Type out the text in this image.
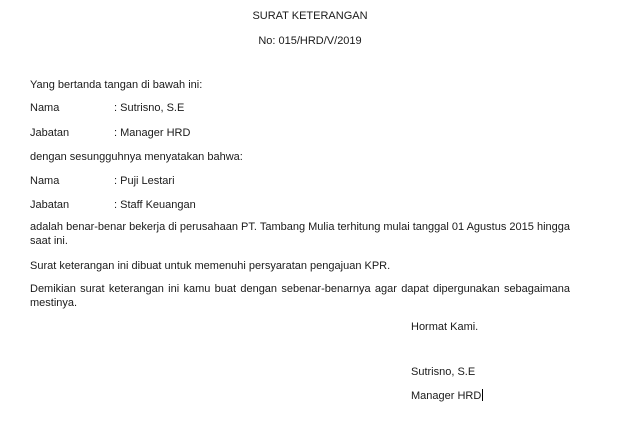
SURAT KETERANGAN
No: 015/HRD/V/2019
Yang bertanda tangan di bawah ini:
Nama	: Sutrisno, S.E
Jabatan	: Manager HRD
dengan sesungguhnya menyatakan bahwa:
Nama	: Puji Lestari
Jabatan	: Staff Keuangan
adalah benar-benar bekerja di perusahaan PT. Tambang Mulia terhitung mulai tanggal 01 Agustus 2015 hingga saat ini.
Surat keterangan ini dibuat untuk memenuhi persyaratan pengajuan KPR.
Demikian surat keterangan ini kamu buat dengan sebenar-benarnya agar dapat dipergunakan sebagaimana mestinya.
Hormat Kami.
Sutrisno, S.E
Manager HRD
